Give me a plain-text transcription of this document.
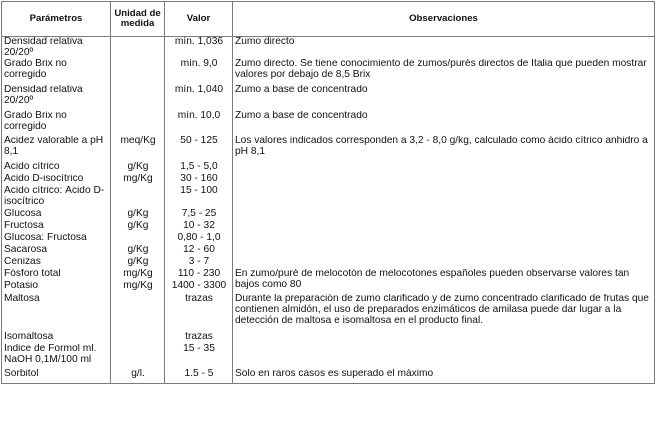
Parámetros	Unidad de medida	Valor	Observaciones
Densidad relativa 20/20º		mín. 1,036	Zumo directo
Grado Brix no corregido		mín. 9,0	Zumo directo. Se tiene conocimiento de zumos/purés directos de Italia que pueden mostrar valores por debajo de 8,5 Brix
Densidad relativa 20/20º		mín. 1,040	Zumo a base de concentrado
Grado Brix no corregido		mín. 10,0	Zumo a base de concentrado
Acidez valorable a pH 8,1	meq/Kg	50 - 125	Los valores indicados corresponden a 3,2 - 8,0 g/kg, calculado como ácido cítrico anhidro a pH 8,1
Ácido cítrico	g/Kg	1,5 - 5,0	
Ácido D-isocítrico	mg/Kg	30 - 160	
Ácido cítrico: Ácido D-isocítrico		15 - 100	
Glucosa	g/Kg	7,5 - 25	
Fructosa	g/Kg	10 - 32	
Glucosa: Fructosa		0,80 - 1,0	
Sacarosa	g/Kg	12 - 60	
Cenizas	g/Kg	3 - 7	
Fósforo total	mg/Kg	110 - 230	En zumo/puré de melocotón de melocotones españoles pueden observarse valores tan bajos como 80
Potasio	mg/Kg	1400 - 3300	
Maltosa		trazas	Durante la preparación de zumo clarificado y de zumo concentrado clarificado de frutas que contienen almidón, el uso de preparados enzimáticos de amilasa puede dar lugar a la detección de maltosa e isomaltosa en el producto final.
Isomaltosa		trazas	
Índice de Formol ml. NaOH 0,1M/100 ml		15 - 35	
Sorbitol	g/l.	1.5 - 5	Solo en raros casos es superado el máximo
